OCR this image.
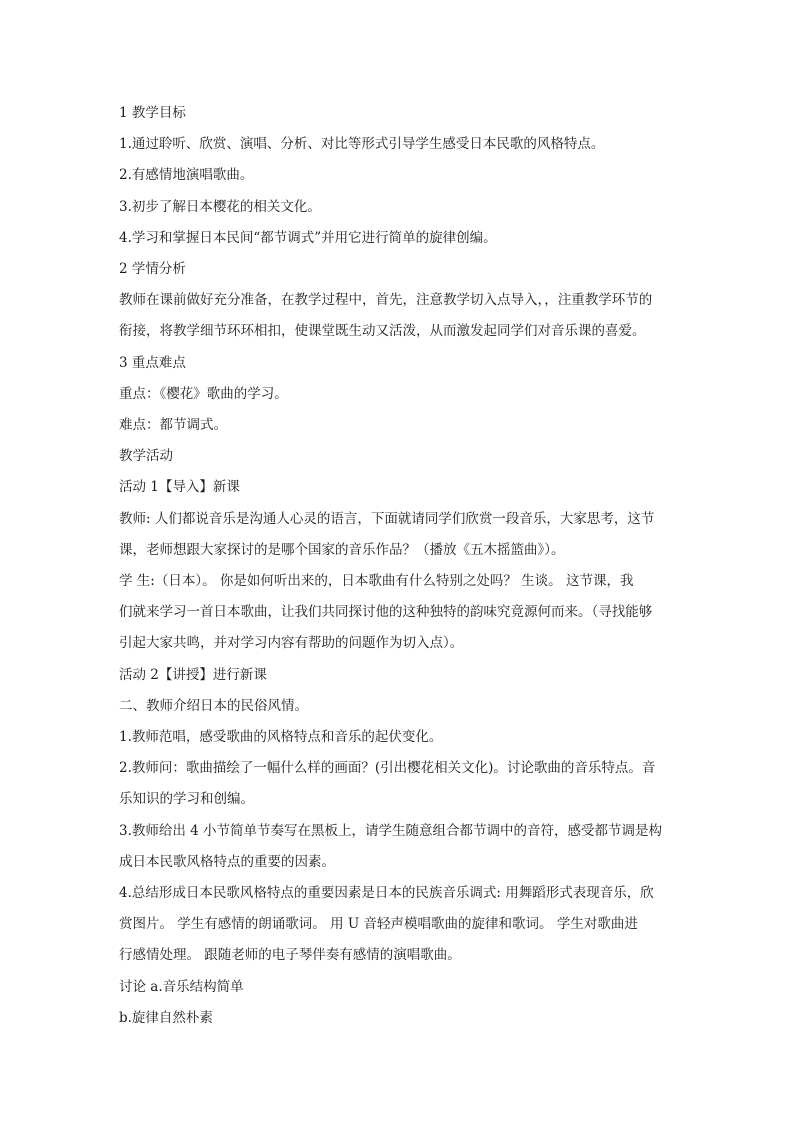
1 教学目标
1.通过聆听、欣赏、演唱、分析、对比等形式引导学生感受日本民歌的风格特点。
2.有感情地演唱歌曲。
3.初步了解日本樱花的相关文化。
4.学习和掌握日本民间“都节调式”并用它进行简单的旋律创编。
2 学情分析
教师在课前做好充分准备，在教学过程中，首先，注意教学切入点导入，，注重教学环节的
衔接，将教学细节环环相扣，使课堂既生动又活泼，从而激发起同学们对音乐课的喜爱。
3 重点难点
重点：《樱花》歌曲的学习。
难点：都节调式。
教学活动
活动 1【导入】新课
教师: 人们都说音乐是沟通人心灵的语言，下面就请同学们欣赏一段音乐，大家思考，这节
课，老师想跟大家探讨的是哪个国家的音乐作品？（播放《五木摇篮曲》）。
学 生:（日本）。 你是如何听出来的，日本歌曲有什么特别之处吗？ 生谈。 这节课，我
们就来学习一首日本歌曲，让我们共同探讨他的这种独特的韵味究竟源何而来。（寻找能够
引起大家共鸣，并对学习内容有帮助的问题作为切入点）。
活动 2【讲授】进行新课
二、教师介绍日本的民俗风情。
1.教师范唱，感受歌曲的风格特点和音乐的起伏变化。
2.教师问：歌曲描绘了一幅什么样的画面？(引出樱花相关文化)。讨论歌曲的音乐特点。音
乐知识的学习和创编。
3.教师给出 4 小节简单节奏写在黑板上，请学生随意组合都节调中的音符，感受都节调是构
成日本民歌风格特点的重要的因素。
4.总结形成日本民歌风格特点的重要因素是日本的民族音乐调式: 用舞蹈形式表现音乐，欣
赏图片。 学生有感情的朗诵歌词。 用 U 音轻声模唱歌曲的旋律和歌词。 学生对歌曲进
行感情处理。 跟随老师的电子琴伴奏有感情的演唱歌曲。
讨论 a.音乐结构简单
b.旋律自然朴素
